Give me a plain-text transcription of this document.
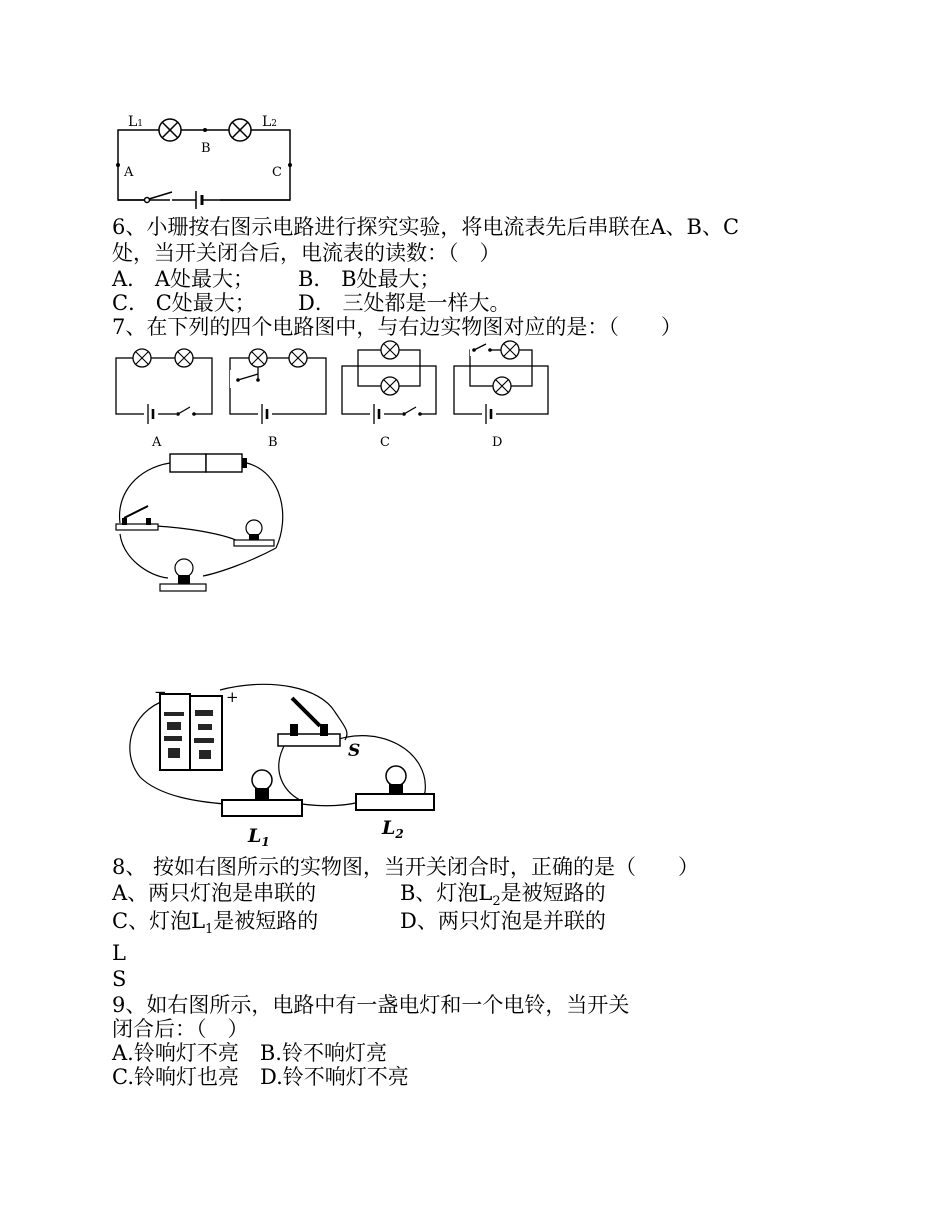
L1	L2
B
A	C
6、小珊按右图示电路进行探究实验，将电流表先后串联在A、B、C
处，当开关闭合后，电流表的读数：（　）
A． A处最大； B． B处最大；
C． C处最大； D． 三处都是一样大。
7、在下列的四个电路图中，与右边实物图对应的是：（　　）
A	B	C	D
−	+
S
$L_1$
$L_2$
8、 按如右图所示的实物图，当开关闭合时，正确的是（　　）
A、两只灯泡是串联的	B、灯泡$L_2$是被短路的
C、灯泡$L_1$是被短路的	D、两只灯泡是并联的
L
S
9、如右图所示，电路中有一盏电灯和一个电铃，当开关
闭合后：（　）
A.铃响灯不亮　B.铃不响灯亮
C.铃响灯也亮　D.铃不响灯不亮
